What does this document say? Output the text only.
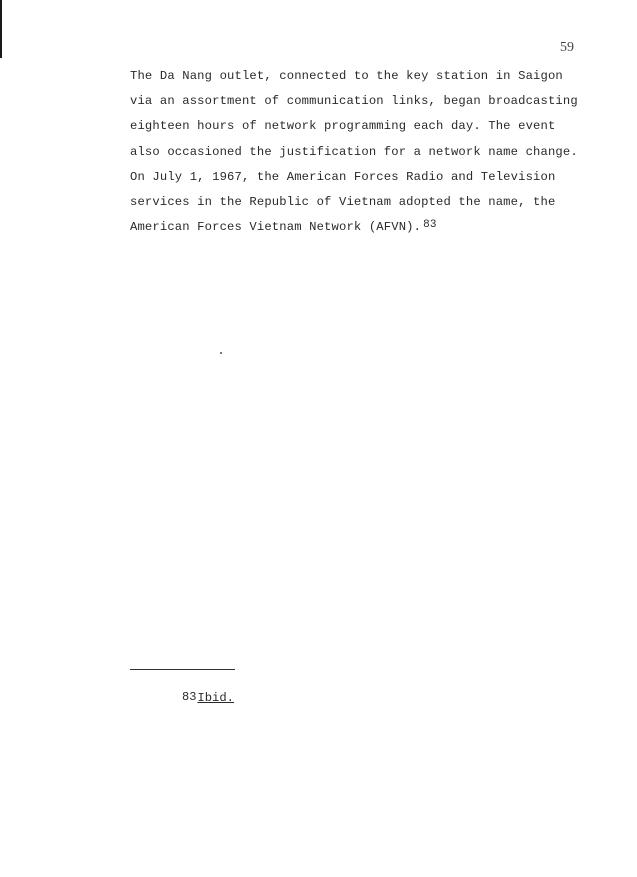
59
The Da Nang outlet, connected to the key station in Saigon
via an assortment of communication links, began broadcasting
eighteen hours of network programming each day. The event
also occasioned the justification for a network name change.
On July 1, 1967, the American Forces Radio and Television
services in the Republic of Vietnam adopted the name, the
American Forces Vietnam Network (AFVN). $^{83}$
83Ibid.
